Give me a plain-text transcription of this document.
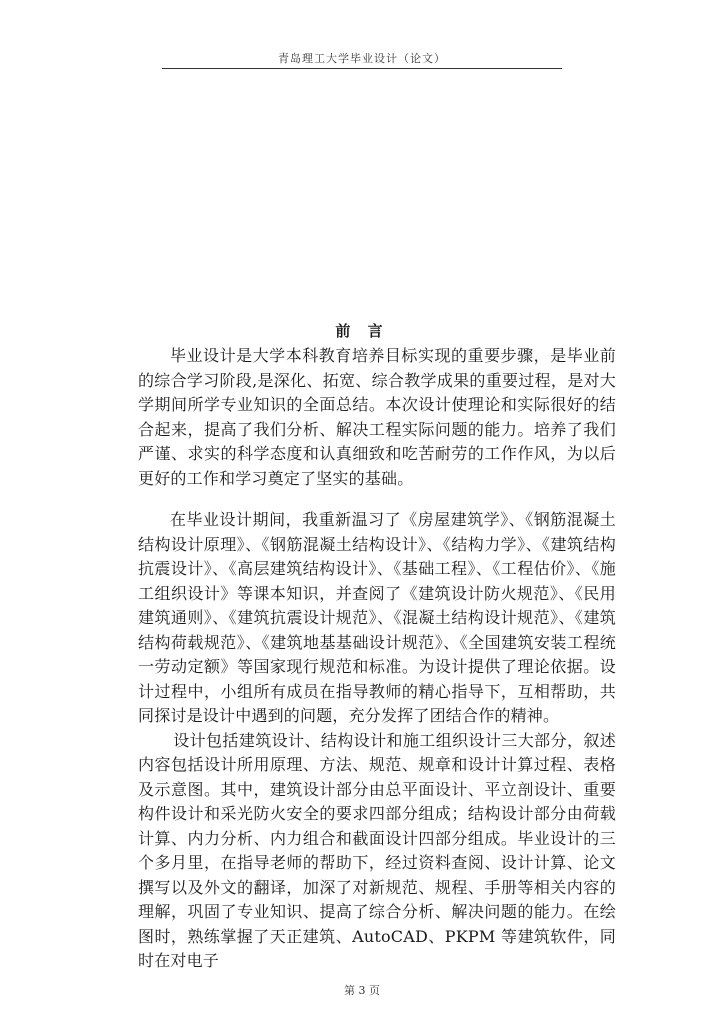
青岛理工大学毕业设计（论文）
前 言

毕业设计是大学本科教育培养目标实现的重要步骤，是毕业前的综合学习阶段,是深化、拓宽、综合教学成果的重要过程，是对大学期间所学专业知识的全面总结。本次设计使理论和实际很好的结合起来，提高了我们分析、解决工程实际问题的能力。培养了我们严谨、求实的科学态度和认真细致和吃苦耐劳的工作作风，为以后更好的工作和学习奠定了坚实的基础。

在毕业设计期间，我重新温习了《房屋建筑学》、《钢筋混凝土结构设计原理》、《钢筋混凝土结构设计》、《结构力学》、《建筑结构抗震设计》、《高层建筑结构设计》、《基础工程》、《工程估价》、《施工组织设计》等课本知识，并查阅了《建筑设计防火规范》、《民用建筑通则》、《建筑抗震设计规范》、《混凝土结构设计规范》、《建筑结构荷载规范》、《建筑地基基础设计规范》、《全国建筑安装工程统一劳动定额》等国家现行规范和标准。为设计提供了理论依据。设计过程中，小组所有成员在指导教师的精心指导下，互相帮助，共同探讨是设计中遇到的问题，充分发挥了团结合作的精神。

设计包括建筑设计、结构设计和施工组织设计三大部分，叙述内容包括设计所用原理、方法、规范、规章和设计计算过程、表格及示意图。其中，建筑设计部分由总平面设计、平立剖设计、重要构件设计和采光防火安全的要求四部分组成；结构设计部分由荷载计算、内力分析、内力组合和截面设计四部分组成。毕业设计的三个多月里，在指导老师的帮助下，经过资料查阅、设计计算、论文撰写以及外文的翻译，加深了对新规范、规程、手册等相关内容的理解，巩固了专业知识、提高了综合分析、解决问题的能力。在绘图时，熟练掌握了天正建筑、AutoCAD、PKPM 等建筑软件，同时在对电子

第 3 页
